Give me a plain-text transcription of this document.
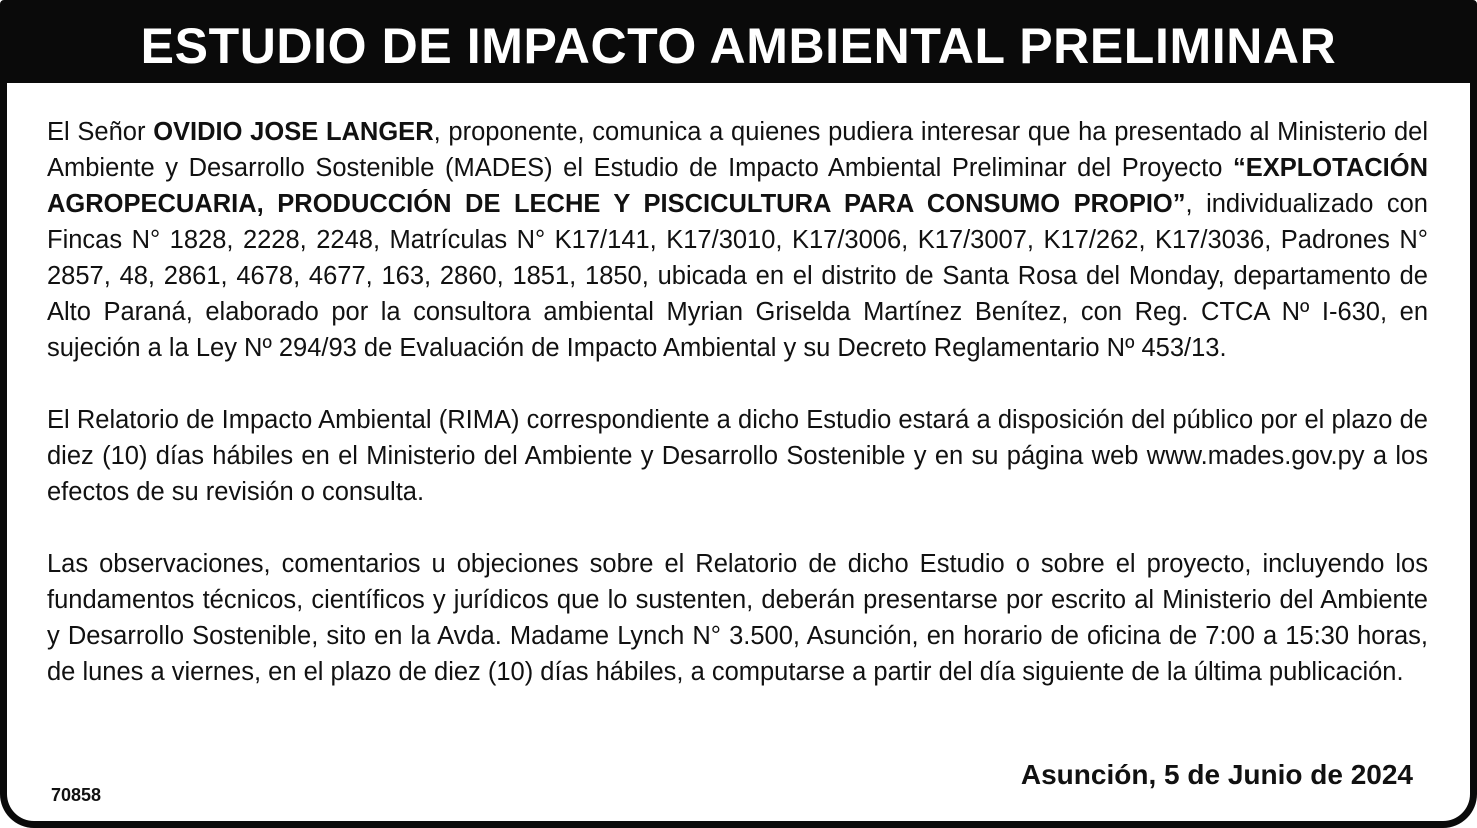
ESTUDIO DE IMPACTO AMBIENTAL PRELIMINAR

El Señor OVIDIO JOSE LANGER, proponente, comunica a quienes pudiera interesar que ha presentado al Ministerio del Ambiente y Desarrollo Sostenible (MADES) el Estudio de Impacto Ambiental Preliminar del Proyecto “EXPLOTACIÓN AGROPECUARIA, PRODUCCIÓN DE LECHE Y PISCICULTURA PARA CONSUMO PROPIO”, individualizado con Fincas N° 1828, 2228, 2248, Matrículas N° K17/141, K17/3010, K17/3006, K17/3007, K17/262, K17/3036, Padrones N° 2857, 48, 2861, 4678, 4677, 163, 2860, 1851, 1850, ubicada en el distrito de Santa Rosa del Monday, departamento de Alto Paraná, elaborado por la consultora ambiental Myrian Griselda Martínez Benítez, con Reg. CTCA Nº I-630, en sujeción a la Ley Nº 294/93 de Evaluación de Impacto Ambiental y su Decreto Reglamentario Nº 453/13.

El Relatorio de Impacto Ambiental (RIMA) correspondiente a dicho Estudio estará a disposición del público por el plazo de diez (10) días hábiles en el Ministerio del Ambiente y Desarrollo Sostenible y en su página web www.mades.gov.py a los efectos de su revisión o consulta.

Las observaciones, comentarios u objeciones sobre el Relatorio de dicho Estudio o sobre el proyecto, incluyendo los fundamentos técnicos, científicos y jurídicos que lo sustenten, deberán presentarse por escrito al Ministerio del Ambiente y Desarrollo Sostenible, sito en la Avda. Madame Lynch N° 3.500, Asunción, en horario de oficina de 7:00 a 15:30 horas, de lunes a viernes, en el plazo de diez (10) días hábiles, a computarse a partir del día siguiente de la última publicación.

Asunción, 5 de Junio de 2024
70858
